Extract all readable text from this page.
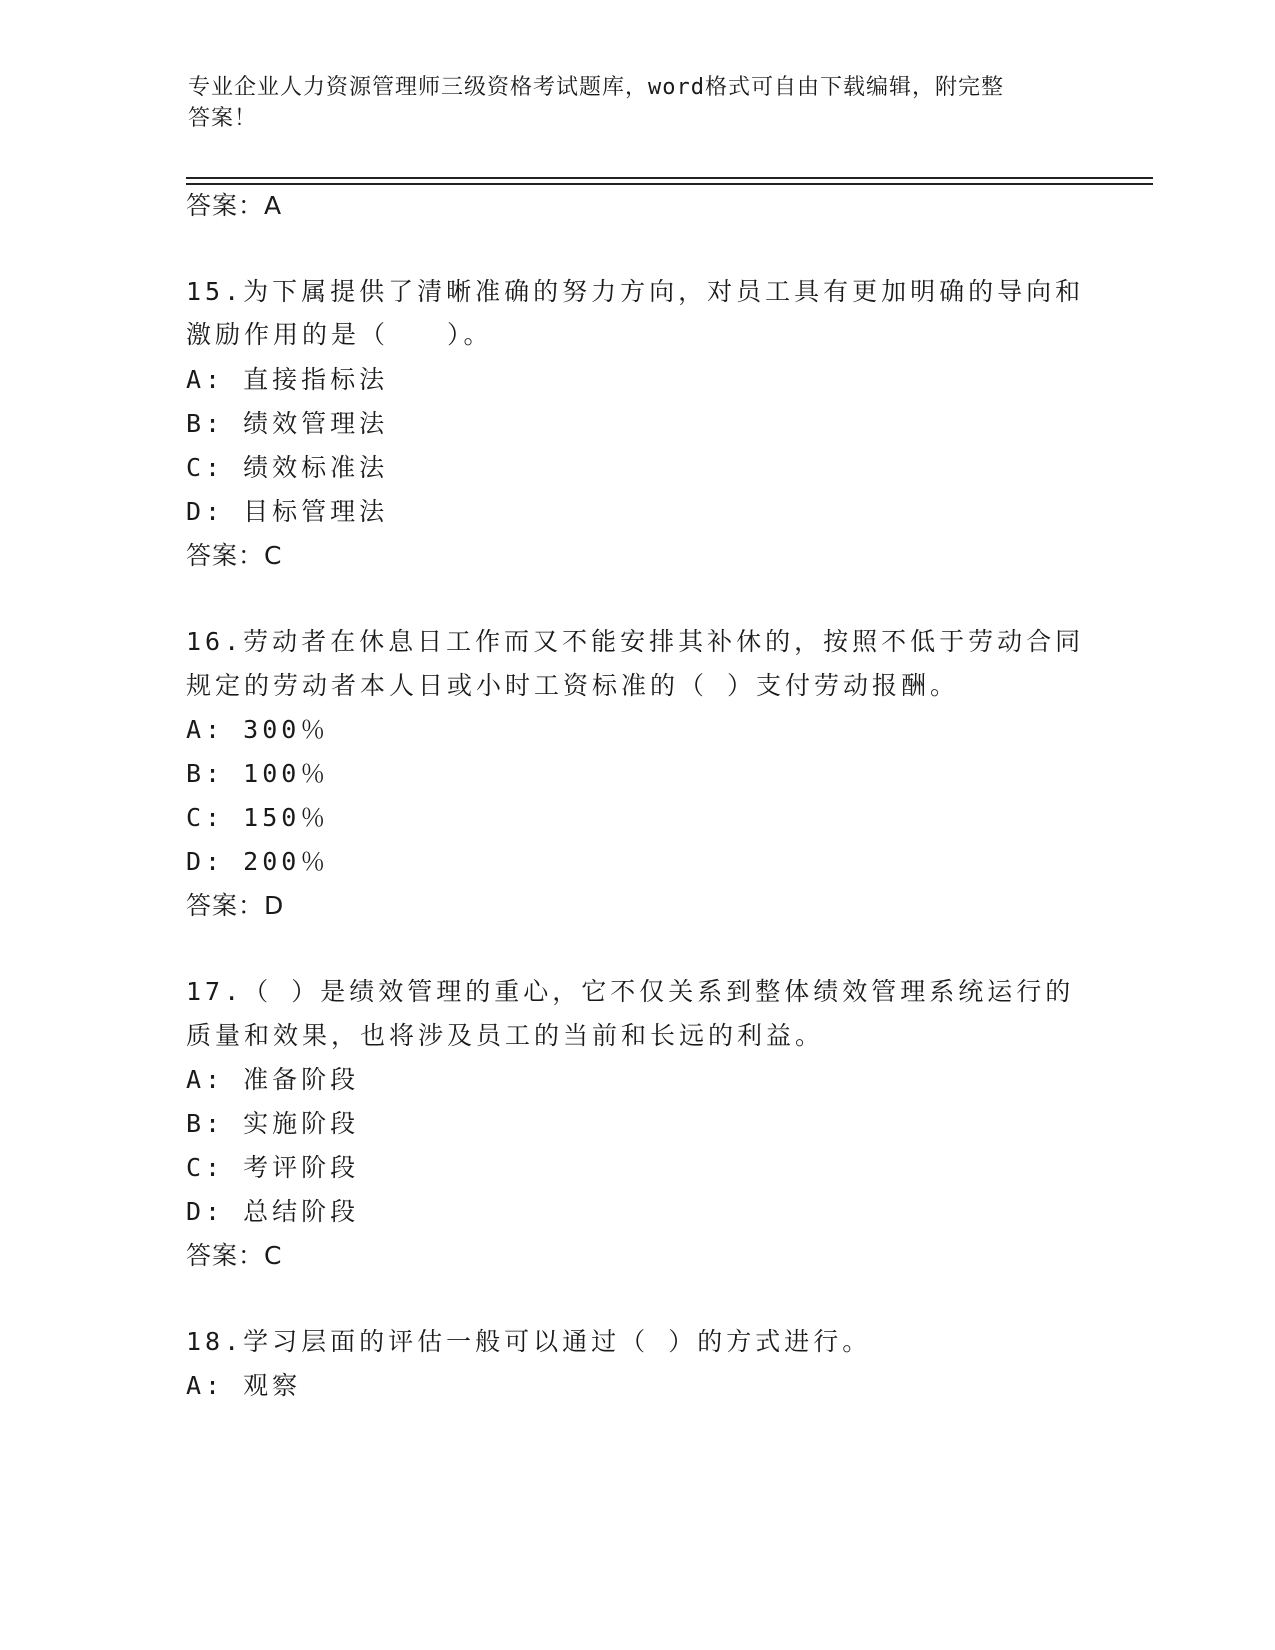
专业企业人力资源管理师三级资格考试题库，word格式可自由下载编辑，附完整
答案！
答案：A
15.为下属提供了清晰准确的努力方向，对员工具有更加明确的导向和
激励作用的是（　　）。
A: 直接指标法
B: 绩效管理法
C: 绩效标准法
D: 目标管理法
答案：C
16.劳动者在休息日工作而又不能安排其补休的，按照不低于劳动合同
规定的劳动者本人日或小时工资标准的（ ）支付劳动报酬。
A: 300％
B: 100％
C: 150％
D: 200％
答案：D
17.（ ）是绩效管理的重心，它不仅关系到整体绩效管理系统运行的
质量和效果，也将涉及员工的当前和长远的利益。
A: 准备阶段
B: 实施阶段
C: 考评阶段
D: 总结阶段
答案：C
18.学习层面的评估一般可以通过（ ）的方式进行。
A: 观察
